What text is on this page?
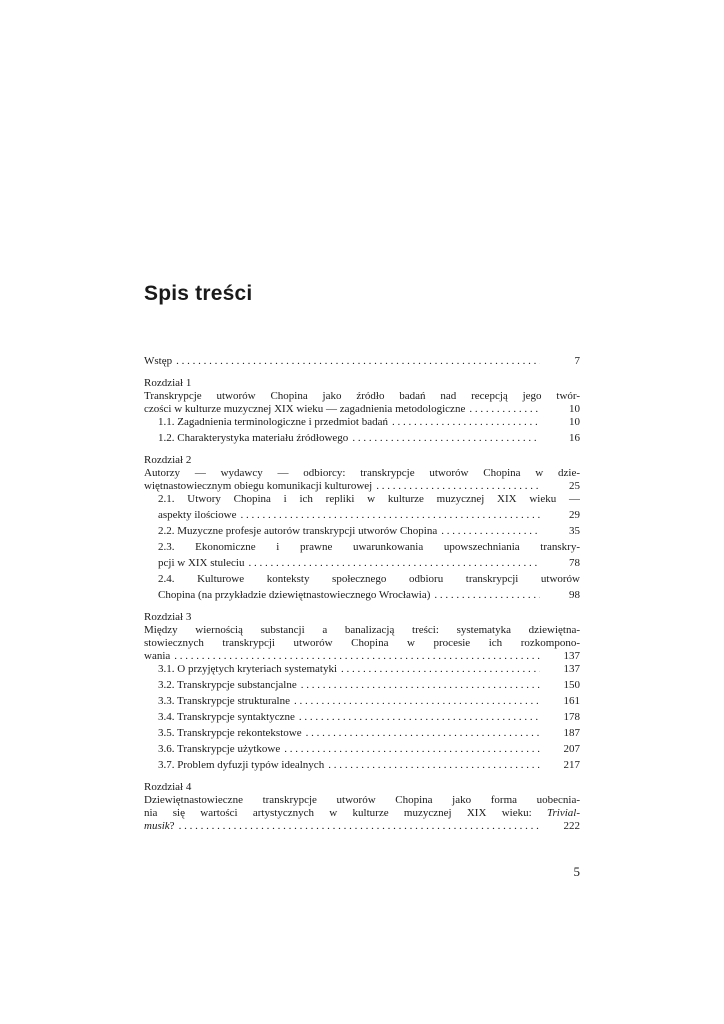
Spis treści
Wstęp . . .	7
Rozdział 1
Transkrypcje utworów Chopina jako źródło badań nad recepcją jego twór-
czości w kulturze muzycznej XIX wieku — zagadnienia metodologiczne . . .	10
1.1. Zagadnienia terminologiczne i przedmiot badań . . .	10
1.2. Charakterystyka materiału źródłowego . . .	16
Rozdział 2
Autorzy — wydawcy — odbiorcy: transkrypcje utworów Chopina w dzie-
więtnastowiecznym obiegu komunikacji kulturowej . . .	25
2.1. Utwory Chopina i ich repliki w kulturze muzycznej XIX wieku —
aspekty ilościowe . . .	29
2.2. Muzyczne profesje autorów transkrypcji utworów Chopina . . .	35
2.3. Ekonomiczne i prawne uwarunkowania upowszechniania transkry-
pcji w XIX stuleciu . . .	78
2.4. Kulturowe konteksty społecznego odbioru transkrypcji utworów
Chopina (na przykładzie dziewiętnastowiecznego Wrocławia) . . .	98
Rozdział 3
Między wiernością substancji a banalizacją treści: systematyka dziewiętna-
stowiecznych transkrypcji utworów Chopina w procesie ich rozkompono-
wania . . .	137
3.1. O przyjętych kryteriach systematyki . . .	137
3.2. Transkrypcje substancjalne . . .	150
3.3. Transkrypcje strukturalne . . .	161
3.4. Transkrypcje syntaktyczne . . .	178
3.5. Transkrypcje rekontekstowe . . .	187
3.6. Transkrypcje użytkowe . . .	207
3.7. Problem dyfuzji typów idealnych . . .	217
Rozdział 4
Dziewiętnastowieczne transkrypcje utworów Chopina jako forma uobecnia-
nia się wartości artystycznych w kulturze muzycznej XIX wieku: Trivial-
musik? . . .	222
5
